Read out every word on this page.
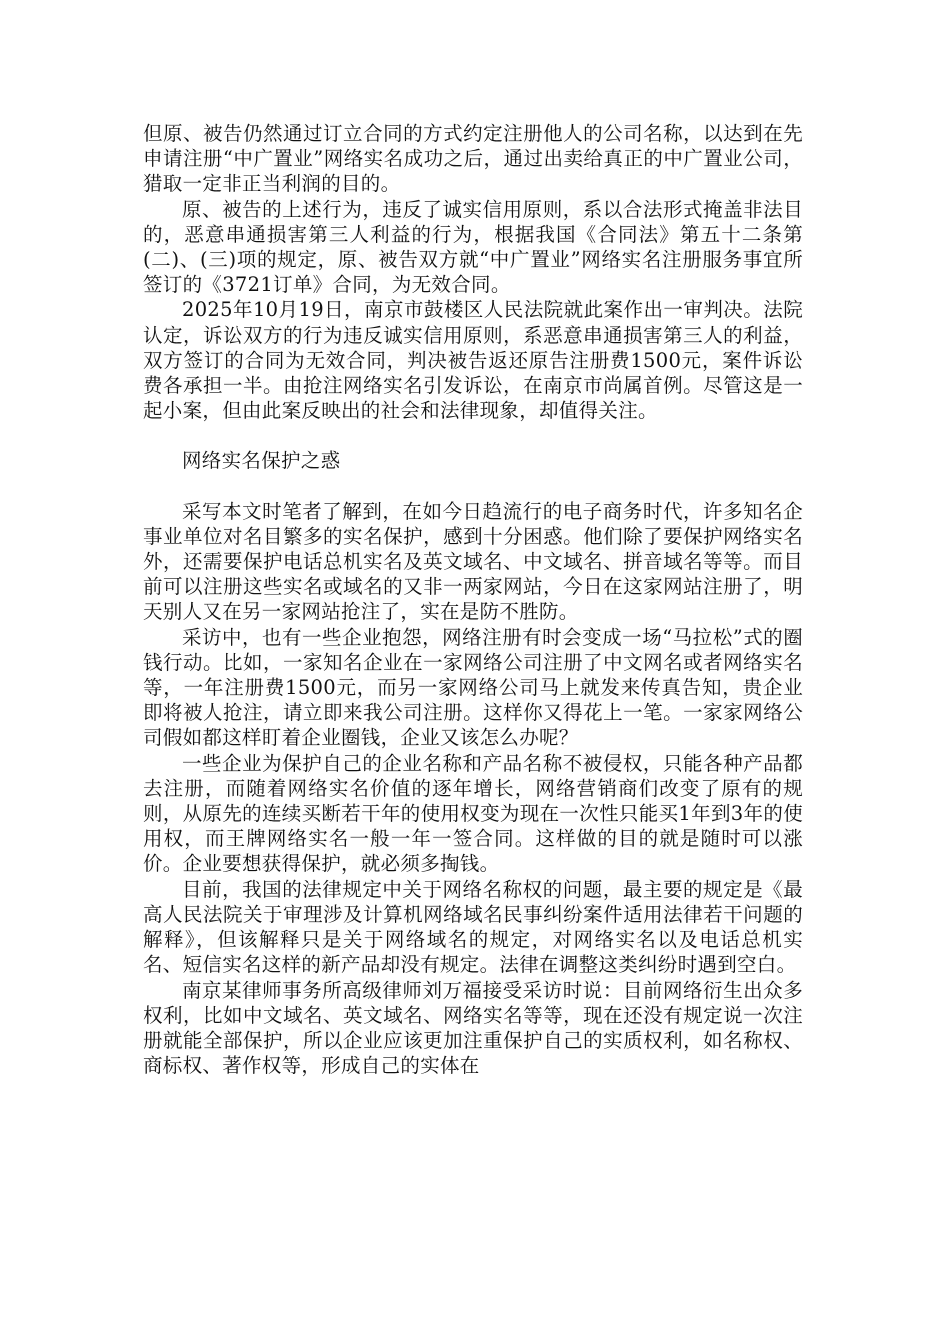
但原、被告仍然通过订立合同的方式约定注册他人的公司名称，以达到在先申请注册“中广置业”网络实名成功之后，通过出卖给真正的中广置业公司，猎取一定非正当利润的目的。

原、被告的上述行为，违反了诚实信用原则，系以合法形式掩盖非法目的，恶意串通损害第三人利益的行为，根据我国《合同法》第五十二条第(二)、(三)项的规定，原、被告双方就“中广置业”网络实名注册服务事宜所签订的《3721订单》合同，为无效合同。

2025年10月19日，南京市鼓楼区人民法院就此案作出一审判决。法院认定，诉讼双方的行为违反诚实信用原则，系恶意串通损害第三人的利益，双方签订的合同为无效合同，判决被告返还原告注册费1500元，案件诉讼费各承担一半。由抢注网络实名引发诉讼，在南京市尚属首例。尽管这是一起小案，但由此案反映出的社会和法律现象，却值得关注。

网络实名保护之惑

采写本文时笔者了解到，在如今日趋流行的电子商务时代，许多知名企事业单位对名目繁多的实名保护，感到十分困惑。他们除了要保护网络实名外，还需要保护电话总机实名及英文域名、中文域名、拼音域名等等。而目前可以注册这些实名或域名的又非一两家网站，今日在这家网站注册了，明天别人又在另一家网站抢注了，实在是防不胜防。

采访中，也有一些企业抱怨，网络注册有时会变成一场“马拉松”式的圈钱行动。比如，一家知名企业在一家网络公司注册了中文网名或者网络实名等，一年注册费1500元，而另一家网络公司马上就发来传真告知，贵企业即将被人抢注，请立即来我公司注册。这样你又得花上一笔。一家家网络公司假如都这样盯着企业圈钱，企业又该怎么办呢？

一些企业为保护自己的企业名称和产品名称不被侵权，只能各种产品都去注册，而随着网络实名价值的逐年增长，网络营销商们改变了原有的规则，从原先的连续买断若干年的使用权变为现在一次性只能买1年到3年的使用权，而王牌网络实名一般一年一签合同。这样做的目的就是随时可以涨价。企业要想获得保护，就必须多掏钱。

目前，我国的法律规定中关于网络名称权的问题，最主要的规定是《最高人民法院关于审理涉及计算机网络域名民事纠纷案件适用法律若干问题的解释》，但该解释只是关于网络域名的规定，对网络实名以及电话总机实名、短信实名这样的新产品却没有规定。法律在调整这类纠纷时遇到空白。

南京某律师事务所高级律师刘万福接受采访时说：目前网络衍生出众多权利，比如中文域名、英文域名、网络实名等等，现在还没有规定说一次注册就能全部保护，所以企业应该更加注重保护自己的实质权利，如名称权、商标权、著作权等，形成自己的实体在
